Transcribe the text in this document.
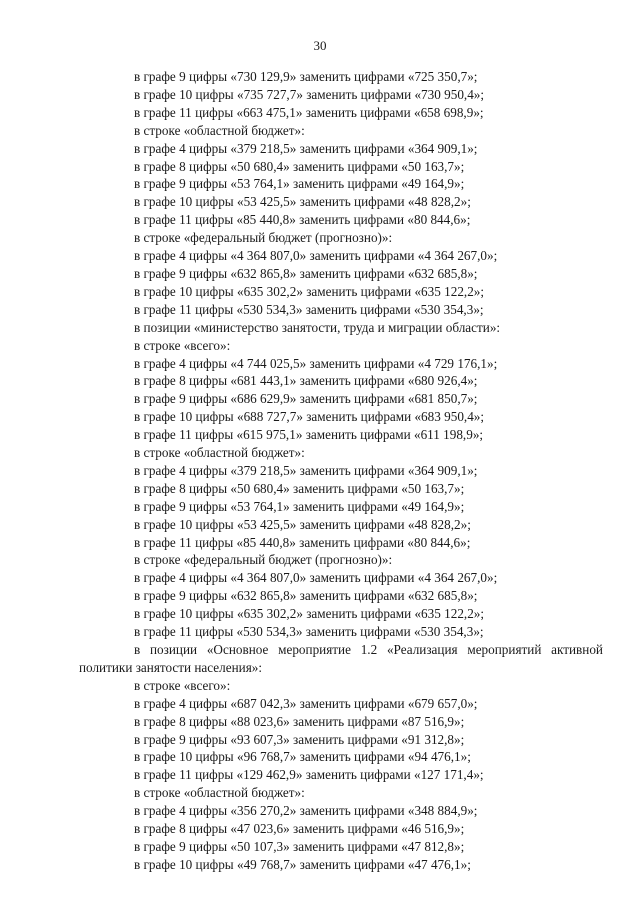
30
в графе 9 цифры «730 129,9» заменить цифрами «725 350,7»;
в графе 10 цифры «735 727,7» заменить цифрами «730 950,4»;
в графе 11 цифры «663 475,1» заменить цифрами «658 698,9»;
в строке «областной бюджет»:
в графе 4 цифры «379 218,5» заменить цифрами «364 909,1»;
в графе 8 цифры «50 680,4» заменить цифрами «50 163,7»;
в графе 9 цифры «53 764,1» заменить цифрами «49 164,9»;
в графе 10 цифры «53 425,5» заменить цифрами «48 828,2»;
в графе 11 цифры «85 440,8» заменить цифрами «80 844,6»;
в строке «федеральный бюджет (прогнозно)»:
в графе 4 цифры «4 364 807,0» заменить цифрами «4 364 267,0»;
в графе 9 цифры «632 865,8» заменить цифрами «632 685,8»;
в графе 10 цифры «635 302,2» заменить цифрами «635 122,2»;
в графе 11 цифры «530 534,3» заменить цифрами «530 354,3»;
в позиции «министерство занятости, труда и миграции области»:
в строке «всего»:
в графе 4 цифры «4 744 025,5» заменить цифрами «4 729 176,1»;
в графе 8 цифры «681 443,1» заменить цифрами «680 926,4»;
в графе 9 цифры «686 629,9» заменить цифрами «681 850,7»;
в графе 10 цифры «688 727,7» заменить цифрами «683 950,4»;
в графе 11 цифры «615 975,1» заменить цифрами «611 198,9»;
в строке «областной бюджет»:
в графе 4 цифры «379 218,5» заменить цифрами «364 909,1»;
в графе 8 цифры «50 680,4» заменить цифрами «50 163,7»;
в графе 9 цифры «53 764,1» заменить цифрами «49 164,9»;
в графе 10 цифры «53 425,5» заменить цифрами «48 828,2»;
в графе 11 цифры «85 440,8» заменить цифрами «80 844,6»;
в строке «федеральный бюджет (прогнозно)»:
в графе 4 цифры «4 364 807,0» заменить цифрами «4 364 267,0»;
в графе 9 цифры «632 865,8» заменить цифрами «632 685,8»;
в графе 10 цифры «635 302,2» заменить цифрами «635 122,2»;
в графе 11 цифры «530 534,3» заменить цифрами «530 354,3»;
в позиции «Основное мероприятие 1.2 «Реализация мероприятий активной
политики занятости населения»:
в строке «всего»:
в графе 4 цифры «687 042,3» заменить цифрами «679 657,0»;
в графе 8 цифры «88 023,6» заменить цифрами «87 516,9»;
в графе 9 цифры «93 607,3» заменить цифрами «91 312,8»;
в графе 10 цифры «96 768,7» заменить цифрами «94 476,1»;
в графе 11 цифры «129 462,9» заменить цифрами «127 171,4»;
в строке «областной бюджет»:
в графе 4 цифры «356 270,2» заменить цифрами «348 884,9»;
в графе 8 цифры «47 023,6» заменить цифрами «46 516,9»;
в графе 9 цифры «50 107,3» заменить цифрами «47 812,8»;
в графе 10 цифры «49 768,7» заменить цифрами «47 476,1»;
